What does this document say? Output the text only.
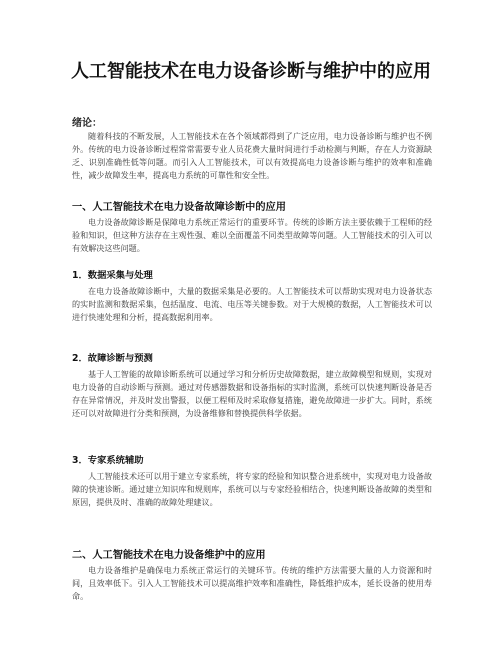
人工智能技术在电力设备诊断与维护中的应用

绪论：

随着科技的不断发展，人工智能技术在各个领域都得到了广泛应用，电力设备诊断与维护也不例外。传统的电力设备诊断过程常常需要专业人员花费大量时间进行手动检测与判断，存在人力资源缺乏、识别准确性低等问题。而引入人工智能技术，可以有效提高电力设备诊断与维护的效率和准确性，减少故障发生率，提高电力系统的可靠性和安全性。

一、人工智能技术在电力设备故障诊断中的应用

电力设备故障诊断是保障电力系统正常运行的重要环节。传统的诊断方法主要依赖于工程师的经验和知识，但这种方法存在主观性强、难以全面覆盖不同类型故障等问题。人工智能技术的引入可以有效解决这些问题。

1．数据采集与处理

在电力设备故障诊断中，大量的数据采集是必要的。人工智能技术可以帮助实现对电力设备状态的实时监测和数据采集，包括温度、电流、电压等关键参数。对于大规模的数据，人工智能技术可以进行快速处理和分析，提高数据利用率。

2．故障诊断与预测

基于人工智能的故障诊断系统可以通过学习和分析历史故障数据，建立故障模型和规则，实现对电力设备的自动诊断与预测。通过对传感器数据和设备指标的实时监测，系统可以快速判断设备是否存在异常情况，并及时发出警报，以便工程师及时采取修复措施，避免故障进一步扩大。同时，系统还可以对故障进行分类和预测，为设备维修和替换提供科学依据。

3．专家系统辅助

人工智能技术还可以用于建立专家系统，将专家的经验和知识整合进系统中，实现对电力设备故障的快速诊断。通过建立知识库和规则库，系统可以与专家经验相结合，快速判断设备故障的类型和原因，提供及时、准确的故障处理建议。

二、人工智能技术在电力设备维护中的应用

电力设备维护是确保电力系统正常运行的关键环节。传统的维护方法需要大量的人力资源和时间，且效率低下。引入人工智能技术可以提高维护效率和准确性，降低维护成本，延长设备的使用寿命。
